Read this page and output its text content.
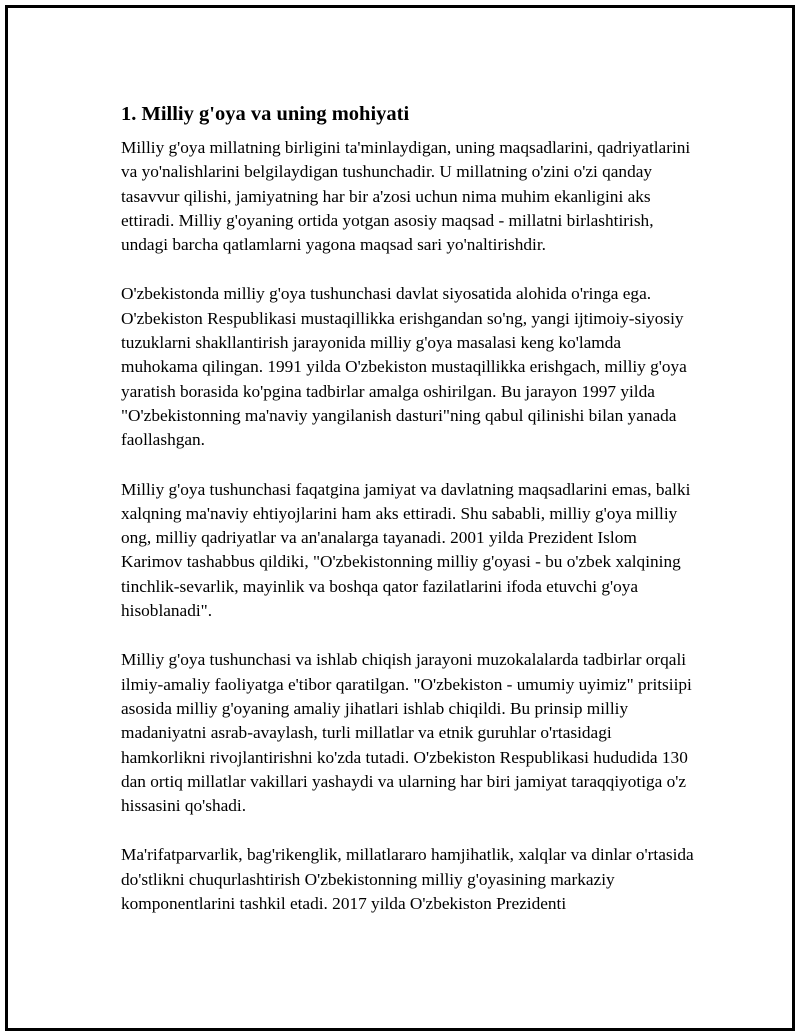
1. Milliy g'oya va uning mohiyati

Milliy g'oya millatning birligini ta'minlaydigan, uning maqsadlarini, qadriyatlarini va yo'nalishlarini belgilaydigan tushunchadir. U millatning o'zini o'zi qanday tasavvur qilishi, jamiyatning har bir a'zosi uchun nima muhim ekanligini aks ettiradi. Milliy g'oyaning ortida yotgan asosiy maqsad - millatni birlashtirish, undagi barcha qatlamlarni yagona maqsad sari yo'naltirishdir.

O'zbekistonda milliy g'oya tushunchasi davlat siyosatida alohida o'ringa ega. O'zbekiston Respublikasi mustaqillikka erishgandan so'ng, yangi ijtimoiy-siyosiy tuzuklarni shakllantirish jarayonida milliy g'oya masalasi keng ko'lamda muhokama qilingan. 1991 yilda O'zbekiston mustaqillikka erishgach, milliy g'oya yaratish borasida ko'pgina tadbirlar amalga oshirilgan. Bu jarayon 1997 yilda "O'zbekistonning ma'naviy yangilanish dasturi"ning qabul qilinishi bilan yanada faollashgan.

Milliy g'oya tushunchasi faqatgina jamiyat va davlatning maqsadlarini emas, balki xalqning ma'naviy ehtiyojlarini ham aks ettiradi. Shu sababli, milliy g'oya milliy ong, milliy qadriyatlar va an'analarga tayanadi. 2001 yilda Prezident Islom Karimov tashabbus qildiki, "O'zbekistonning milliy g'oyasi - bu o'zbek xalqining tinchlik-sevarlik, mayinlik va boshqa qator fazilatlarini ifoda etuvchi g'oya hisoblanadi".

Milliy g'oya tushunchasi va ishlab chiqish jarayoni muzokalalarda tadbirlar orqali ilmiy-amaliy faoliyatga e'tibor qaratilgan. "O'zbekiston - umumiy uyimiz" pritsiipi asosida milliy g'oyaning amaliy jihatlari ishlab chiqildi. Bu prinsip milliy madaniyatni asrab-avaylash, turli millatlar va etnik guruhlar o'rtasidagi hamkorlikni rivojlantirishni ko'zda tutadi. O'zbekiston Respublikasi hududida 130 dan ortiq millatlar vakillari yashaydi va ularning har biri jamiyat taraqqiyotiga o'z hissasini qo'shadi.

Ma'rifatparvarlik, bag'rikenglik, millatlararo hamjihatlik, xalqlar va dinlar o'rtasida do'stlikni chuqurlashtirish O'zbekistonning milliy g'oyasining markaziy komponentlarini tashkil etadi. 2017 yilda O'zbekiston Prezidenti
